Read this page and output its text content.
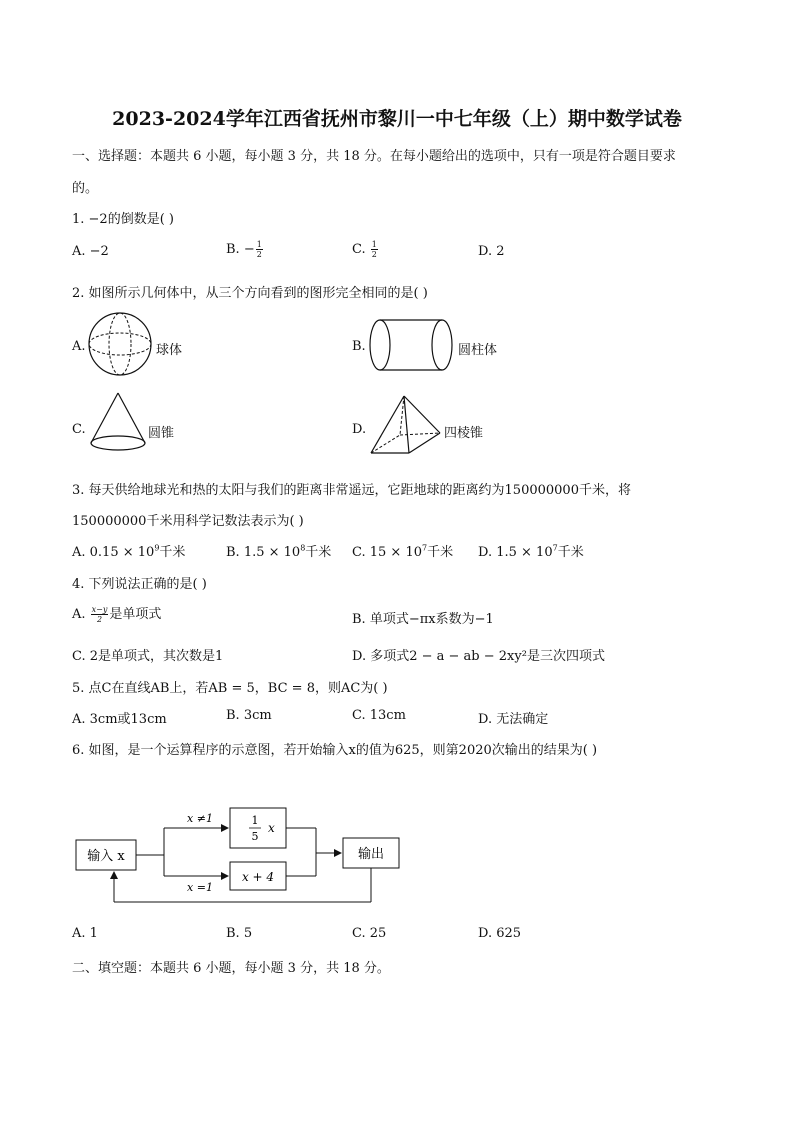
2023-2024学年江西省抚州市黎川一中七年级（上）期中数学试卷
一、选择题：本题共 6 小题，每小题 3 分，共 18 分。在每小题给出的选项中，只有一项是符合题目要求
的。
1. −2的倒数是( )
A. −2	B. − $\frac{1}{2}$	C. $\frac{1}{2}$	D. 2
2. 如图所示几何体中，从三个方向看到的图形完全相同的是( )
A.	球体	B.	圆柱体
C.	圆锥	D.	四棱锥
3. 每天供给地球光和热的太阳与我们的距离非常遥远，它距地球的距离约为150000000千米，将
150000000千米用科学记数法表示为( )
A. $0.15 \times 10^9$千米	B. $1.5 \times 10^8$千米 C. $15 \times 10^7$千米 D. $1.5 \times 10^7$千米
4. 下列说法正确的是( )
A. $\frac{x-y}{2}$ 是单项式	B. 单项式−πx系数为−1
C. 2是单项式，其次数是1	D. 多项式2 − a − ab − 2xy²是三次四项式
5. 点C在直线AB上，若AB = 5，BC = 8，则AC为( )
A. 3cm或13cm	B. 3cm	C. 13cm	D. 无法确定
6. 如图，是一个运算程序的示意图，若开始输入x的值为625，则第2020次输出的结果为( )
输入 x
1
5
x
x + 4
输出
x ≠1
x =1
A. 1	B. 5	C. 25	D. 625
二、填空题：本题共 6 小题，每小题 3 分，共 18 分。
